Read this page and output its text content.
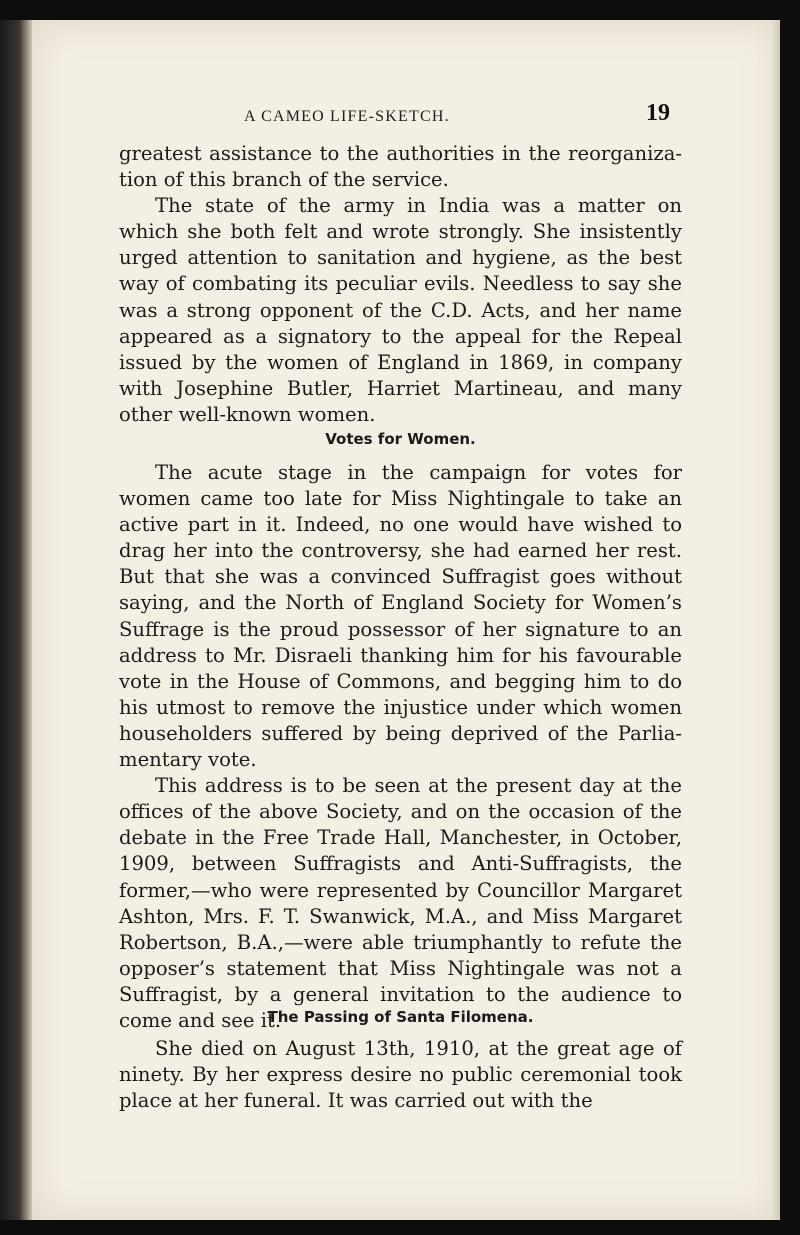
A CAMEO LIFE-SKETCH.	19

greatest assistance to the authorities in the reorganiza-tion of this branch of the service.

The state of the army in India was a matter on which she both felt and wrote strongly. She insistently urged attention to sanitation and hygiene, as the best way of combating its peculiar evils. Needless to say she was a strong opponent of the C.D. Acts, and her name appeared as a signatory to the appeal for the Repeal issued by the women of England in 1869, in company with Josephine Butler, Harriet Martineau, and many other well-known women.

Votes for Women.

The acute stage in the campaign for votes for women came too late for Miss Nightingale to take an active part in it. Indeed, no one would have wished to drag her into the controversy, she had earned her rest. But that she was a convinced Suffragist goes without saying, and the North of England Society for Women’s Suffrage is the proud possessor of her signature to an address to Mr. Disraeli thanking him for his favourable vote in the House of Commons, and begging him to do his utmost to remove the injustice under which women householders suffered by being deprived of the Parlia-mentary vote.

This address is to be seen at the present day at the offices of the above Society, and on the occasion of the debate in the Free Trade Hall, Manchester, in October, 1909, between Suffragists and Anti-Suffragists, the former,—who were represented by Councillor Margaret Ashton, Mrs. F. T. Swanwick, M.A., and Miss Margaret Robertson, B.A.,—were able triumphantly to refute the opposer’s statement that Miss Nightingale was not a Suffragist, by a general invitation to the audience to come and see it.

The Passing of Santa Filomena.

She died on August 13th, 1910, at the great age of ninety. By her express desire no public ceremonial took place at her funeral. It was carried out with the
